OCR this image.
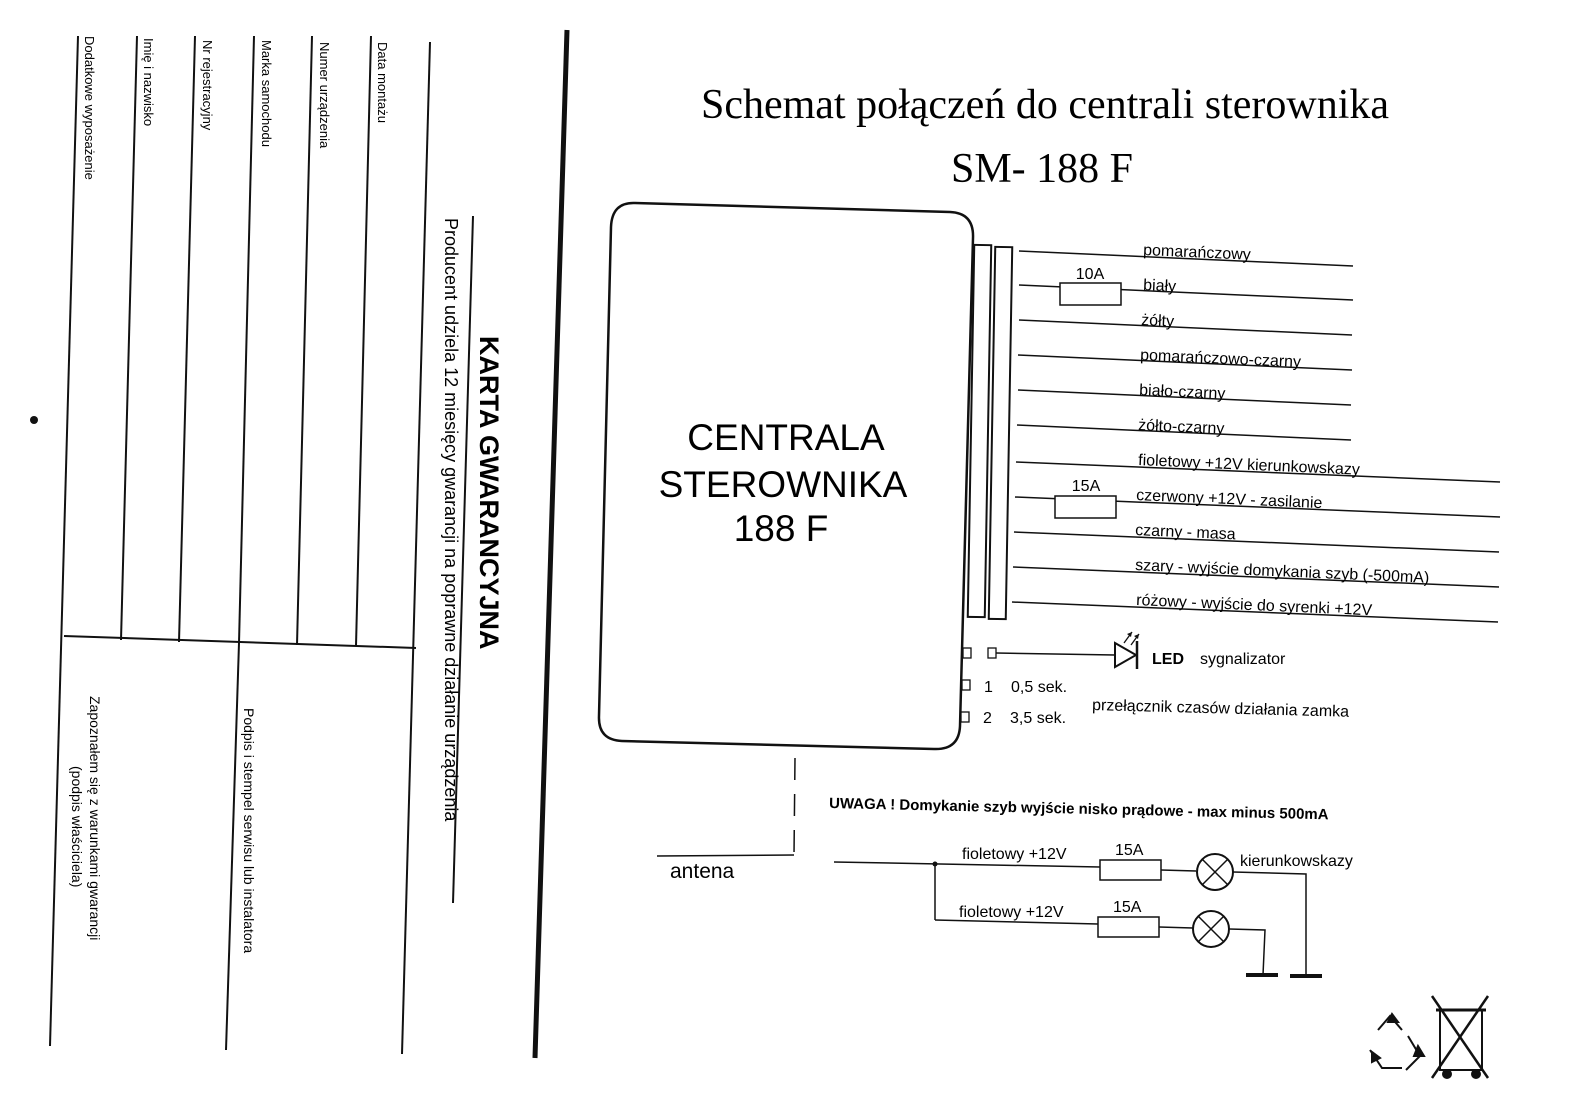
Data montażu
Numer urządzenia
Marka samochodu
Nr rejestracyjny
Imię i nazwisko
Dodatkowe wyposażenie
KARTA GWARANCYJNA
Producent udziela 12 miesięcy gwarancji na poprawne działanie urządzenia
Podpis i stempel serwisu lub instalatora
Zapoznałem się z warunkami gwarancji
(podpis właściciela)
Schemat połączeń do centrali sterownika
SM- 188 F
CENTRALA
STEROWNIKA
188 F
10A
15A
pomarańczowy
biały
żółty
pomarańczowo-czarny
biało-czarny
żółto-czarny
fioletowy +12V kierunkowskazy
czerwony +12V - zasilanie
czarny - masa
szary - wyjście domykania szyb (-500mA)
różowy - wyjście do syrenki +12V
LED sygnalizator
1 0,5 sek.
2 3,5 sek. przełącznik czasów działania zamka
antena
UWAGA ! Domykanie szyb wyjście nisko prądowe - max minus 500mA
fioletowy +12V
fioletowy +12V
15A
15A
kierunkowskazy
